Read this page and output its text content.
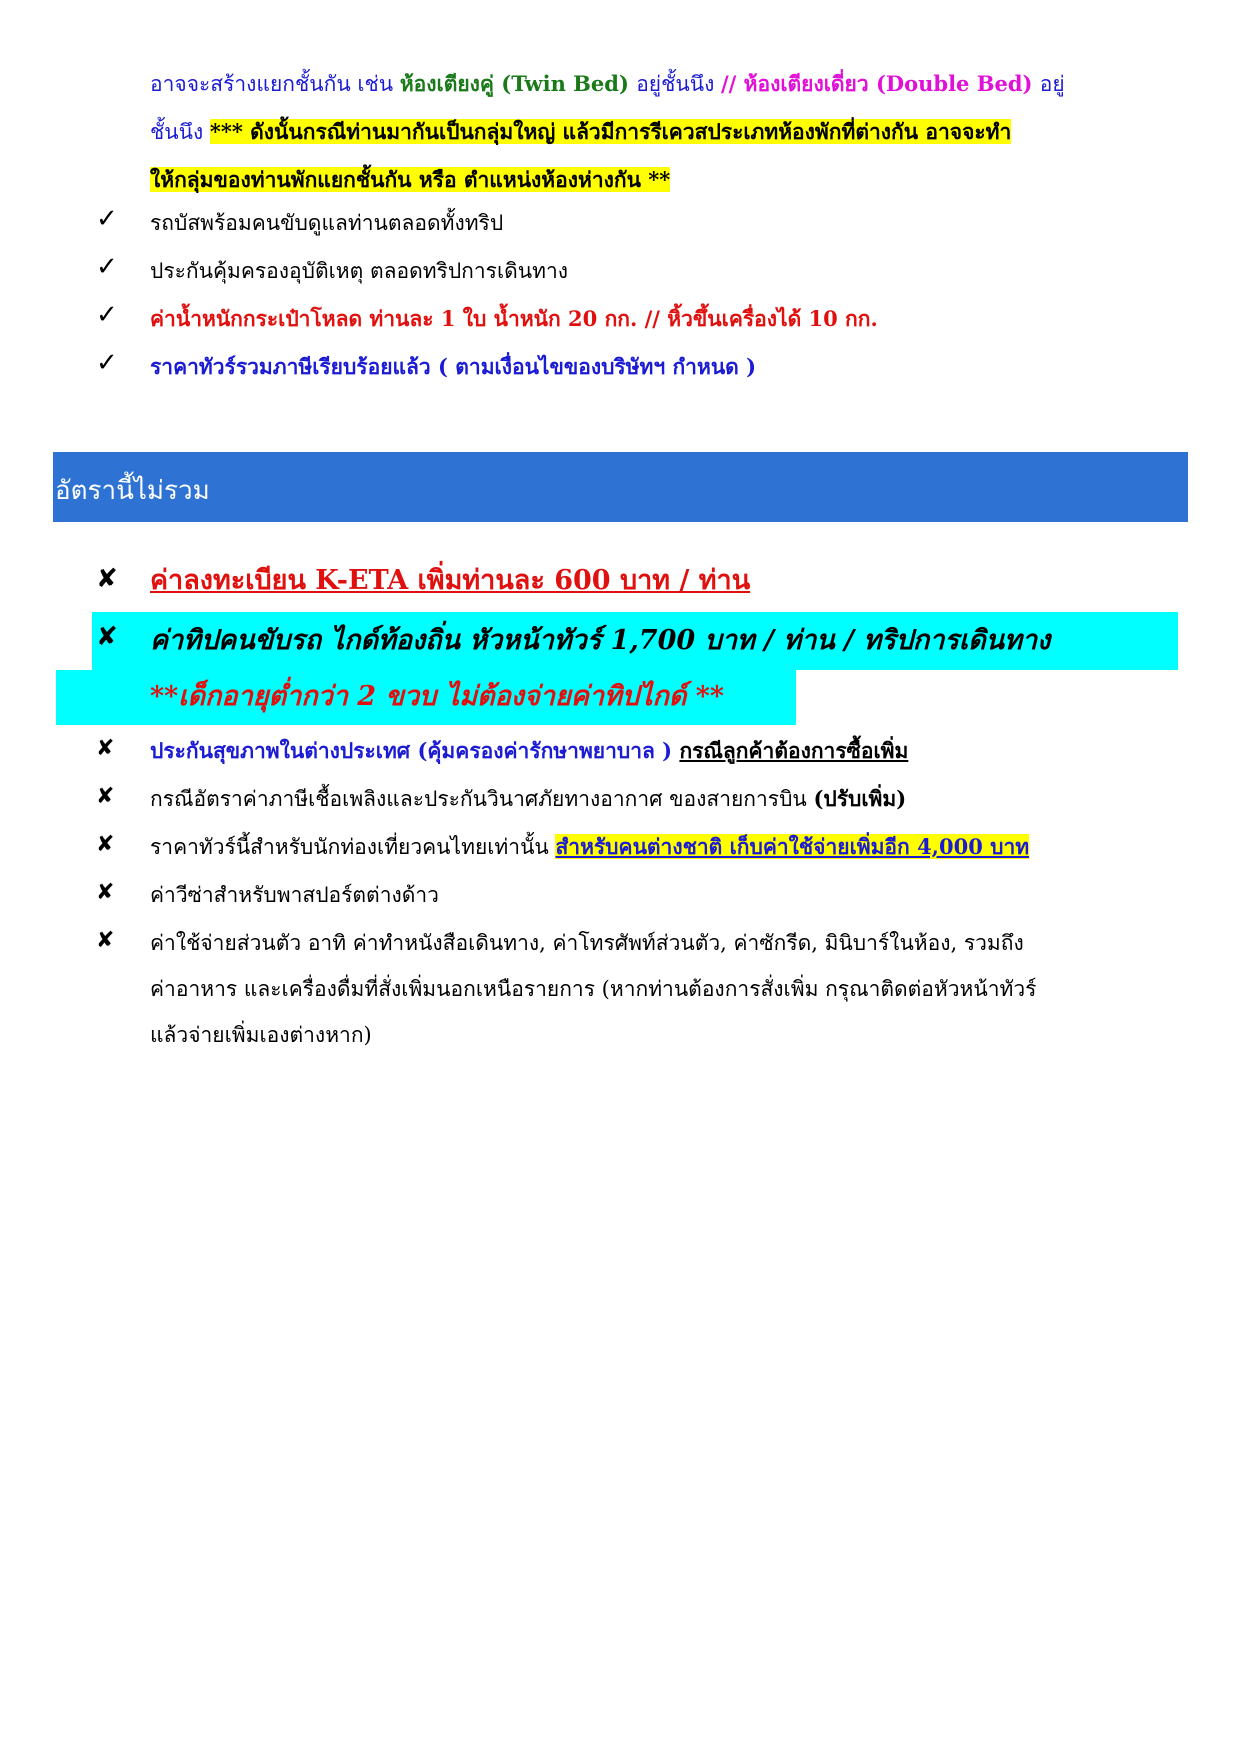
อาจจะสร้างแยกชั้นกัน เช่น ห้องเตียงคู่ (Twin Bed) อยู่ชั้นนึง // ห้องเตียงเดี่ยว (Double Bed) อยู่
ชั้นนึง *** ดังนั้นกรณีท่านมากันเป็นกลุ่มใหญ่ แล้วมีการรีเควสประเภทห้องพักที่ต่างกัน อาจจะทำ
ให้กลุ่มของท่านพักแยกชั้นกัน หรือ ตำแหน่งห้องห่างกัน **
✓ รถบัสพร้อมคนขับดูแลท่านตลอดทั้งทริป
✓ ประกันคุ้มครองอุบัติเหตุ ตลอดทริปการเดินทาง
✓ ค่าน้ำหนักกระเป๋าโหลด ท่านละ 1 ใบ น้ำหนัก 20 กก. // หิ้วขึ้นเครื่องได้ 10 กก.
✓ ราคาทัวร์รวมภาษีเรียบร้อยแล้ว ( ตามเงื่อนไขของบริษัทฯ กำหนด )
อัตรานี้ไม่รวม
✘ ค่าลงทะเบียน K-ETA เพิ่มท่านละ 600 บาท / ท่าน
✘ ค่าทิปคนขับรถ ไกด์ท้องถิ่น หัวหน้าทัวร์ 1,700 บาท / ท่าน / ทริปการเดินทาง
**เด็กอายุต่ำกว่า 2 ขวบ ไม่ต้องจ่ายค่าทิปไกด์ **
✘ ประกันสุขภาพในต่างประเทศ (คุ้มครองค่ารักษาพยาบาล ) กรณีลูกค้าต้องการซื้อเพิ่ม
✘ กรณีอัตราค่าภาษีเชื้อเพลิงและประกันวินาศภัยทางอากาศ ของสายการบิน (ปรับเพิ่ม)
✘ ราคาทัวร์นี้สำหรับนักท่องเที่ยวคนไทยเท่านั้น สำหรับคนต่างชาติ เก็บค่าใช้จ่ายเพิ่มอีก 4,000 บาท
✘ ค่าวีซ่าสำหรับพาสปอร์ตต่างด้าว
✘ ค่าใช้จ่ายส่วนตัว อาทิ ค่าทำหนังสือเดินทาง, ค่าโทรศัพท์ส่วนตัว, ค่าซักรีด, มินิบาร์ในห้อง, รวมถึง
ค่าอาหาร และเครื่องดื่มที่สั่งเพิ่มนอกเหนือรายการ (หากท่านต้องการสั่งเพิ่ม กรุณาติดต่อหัวหน้าทัวร์
แล้วจ่ายเพิ่มเองต่างหาก)
